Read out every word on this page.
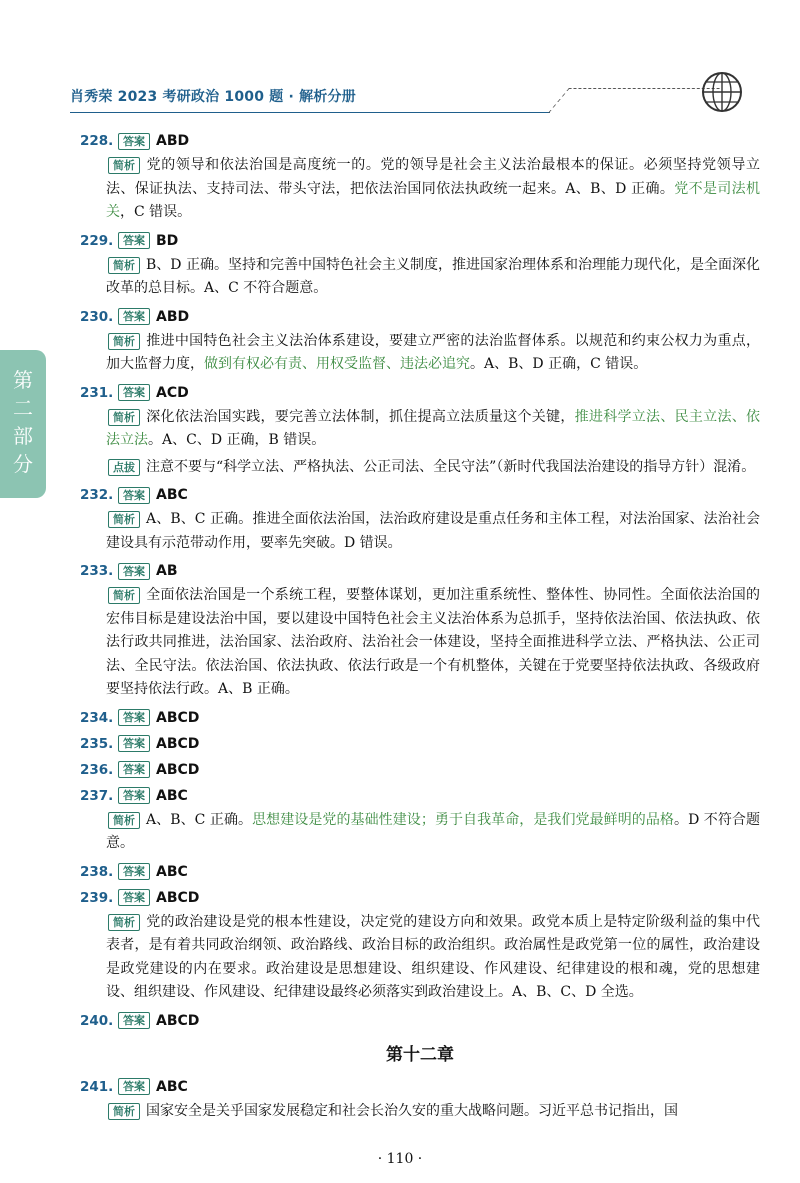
肖秀荣 2023 考研政治 1000 题 · 解析分册
第二部分
228. 答案 ABD
简析 党的领导和依法治国是高度统一的。党的领导是社会主义法治最根本的保证。必须坚持党领导立法、保证执法、支持司法、带头守法，把依法治国同依法执政统一起来。A、B、D 正确。党不是司法机关，C 错误。
229. 答案 BD
简析 B、D 正确。坚持和完善中国特色社会主义制度，推进国家治理体系和治理能力现代化，是全面深化改革的总目标。A、C 不符合题意。
230. 答案 ABD
简析 推进中国特色社会主义法治体系建设，要建立严密的法治监督体系。以规范和约束公权力为重点，加大监督力度，做到有权必有责、用权受监督、违法必追究。A、B、D 正确，C 错误。
231. 答案 ACD
简析 深化依法治国实践，要完善立法体制，抓住提高立法质量这个关键，推进科学立法、民主立法、依法立法。A、C、D 正确，B 错误。
点拔 注意不要与“科学立法、严格执法、公正司法、全民守法”（新时代我国法治建设的指导方针）混淆。
232. 答案 ABC
简析 A、B、C 正确。推进全面依法治国，法治政府建设是重点任务和主体工程，对法治国家、法治社会建设具有示范带动作用，要率先突破。D 错误。
233. 答案 AB
简析 全面依法治国是一个系统工程，要整体谋划，更加注重系统性、整体性、协同性。全面依法治国的宏伟目标是建设法治中国，要以建设中国特色社会主义法治体系为总抓手，坚持依法治国、依法执政、依法行政共同推进，法治国家、法治政府、法治社会一体建设，坚持全面推进科学立法、严格执法、公正司法、全民守法。依法治国、依法执政、依法行政是一个有机整体，关键在于党要坚持依法执政、各级政府要坚持依法行政。A、B 正确。
234. 答案 ABCD
235. 答案 ABCD
236. 答案 ABCD
237. 答案 ABC
简析 A、B、C 正确。思想建设是党的基础性建设；勇于自我革命，是我们党最鲜明的品格。D 不符合题意。
238. 答案 ABC
239. 答案 ABCD
简析 党的政治建设是党的根本性建设，决定党的建设方向和效果。政党本质上是特定阶级利益的集中代表者，是有着共同政治纲领、政治路线、政治目标的政治组织。政治属性是政党第一位的属性，政治建设是政党建设的内在要求。政治建设是思想建设、组织建设、作风建设、纪律建设的根和魂，党的思想建设、组织建设、作风建设、纪律建设最终必须落实到政治建设上。A、B、C、D 全选。
240. 答案 ABCD
第十二章
241. 答案 ABC
简析 国家安全是关乎国家发展稳定和社会长治久安的重大战略问题。习近平总书记指出，国
· 110 ·
